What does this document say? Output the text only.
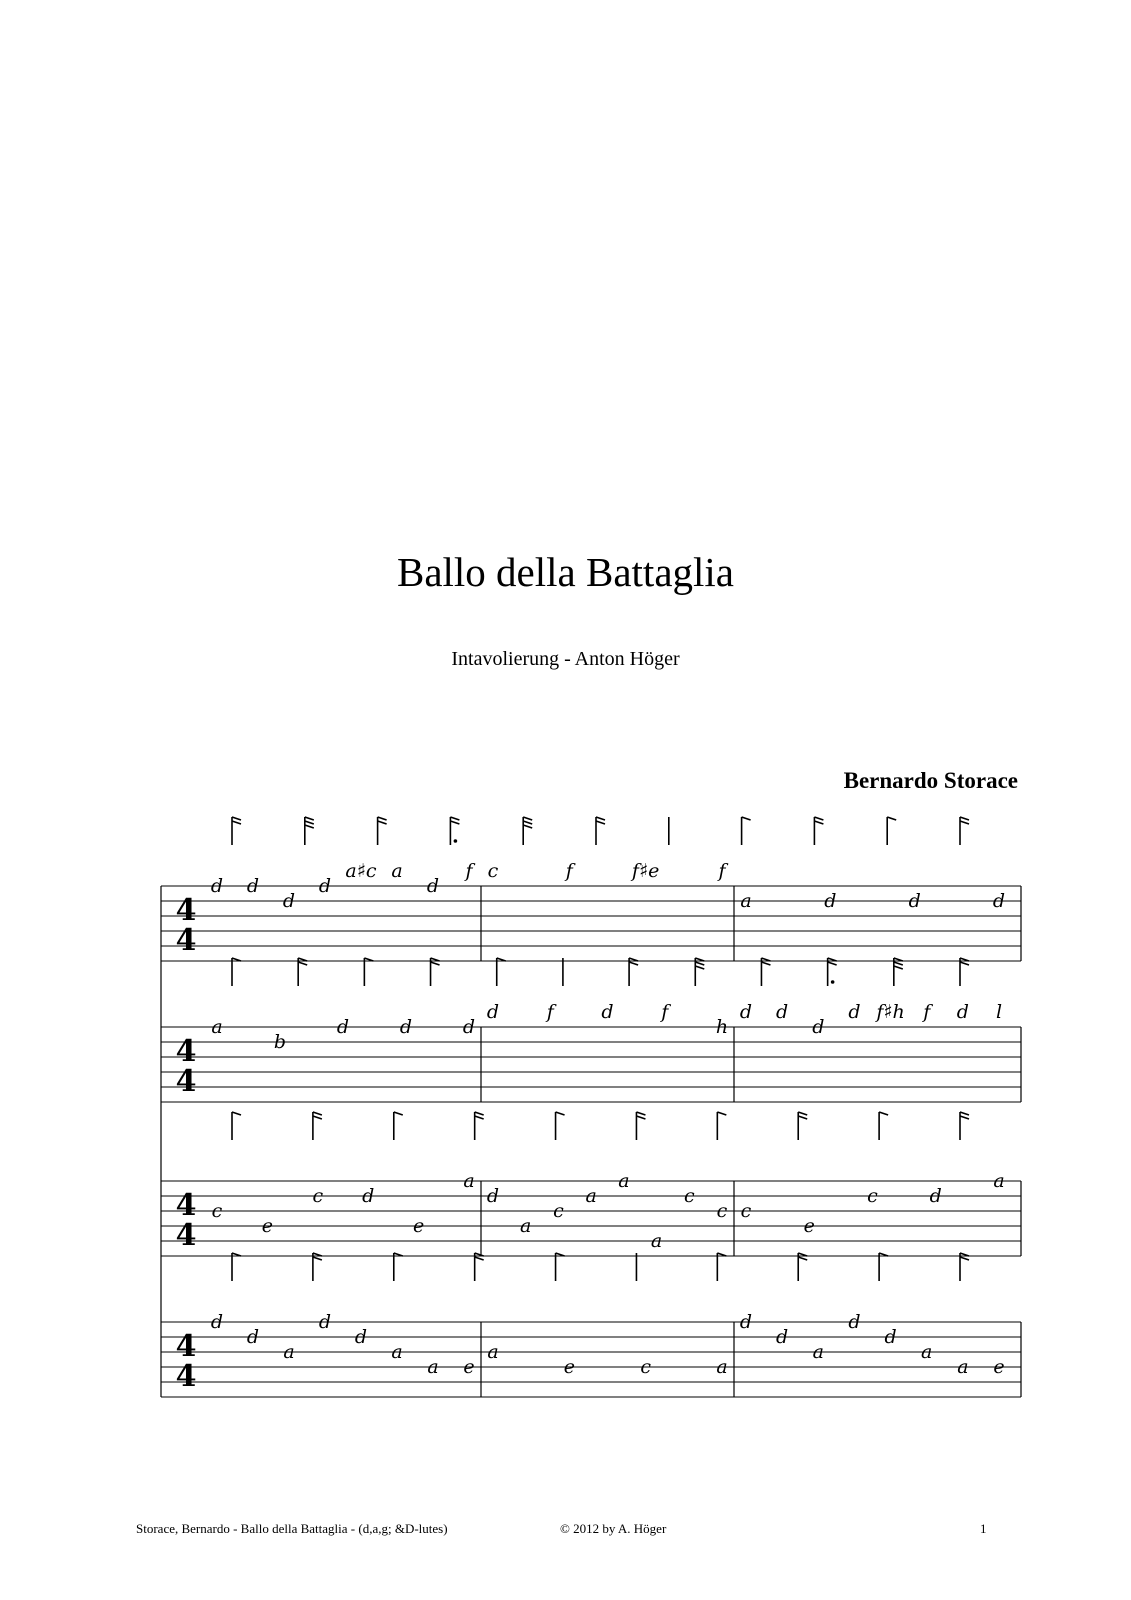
Ballo della Battaglia
Intavolierung - Anton Höger
Bernardo Storace
4
4
d d
d
d
a♯c a
d
f c	f	f♯e	f
a	d	d	d
4
4
a
b
d	d	d
d	f	d	f
h
d d
d
d f♯h f d l
4
4
c
e
c d
e
a
d
a
c
a
a
a
c
c c
e
c	d
a
4
4
d
d
a
d
d
a
a e
a
e	c	a
d
d
a
d
d
a
a e
Storace, Bernardo - Ballo della Battaglia - (d,a,g; &D-lutes)	© 2012 by A. Höger	1
